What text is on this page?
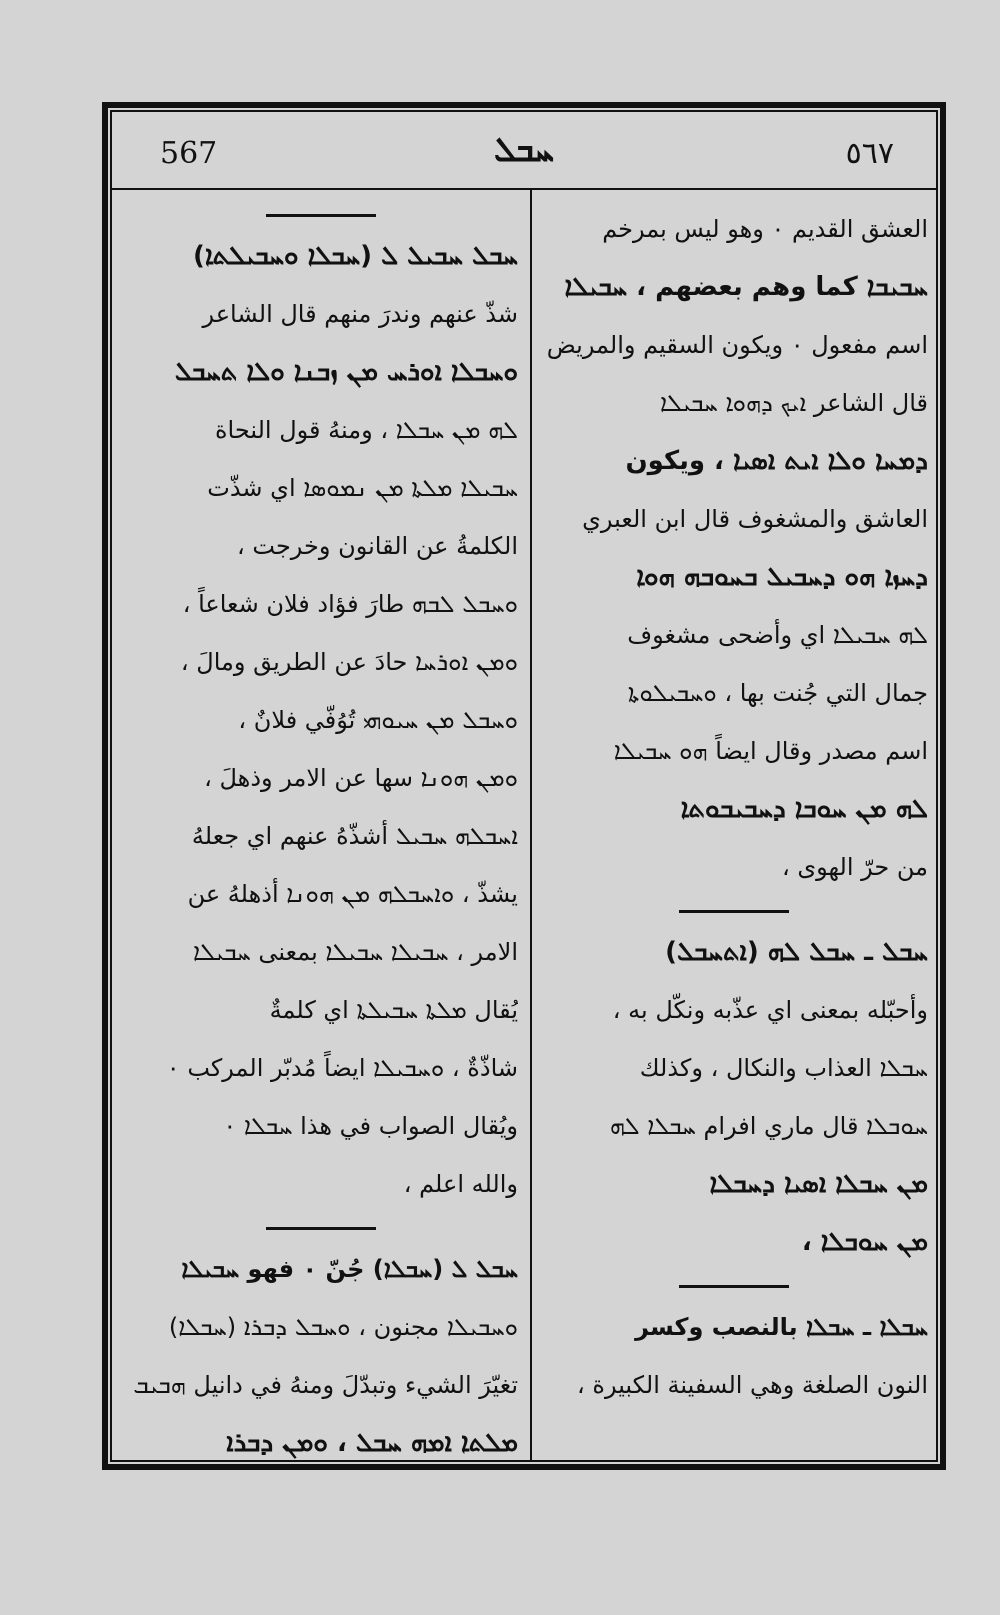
567	ܚܒܠ	٥٦٧
العشق القديم ٠ وهو ليس بمرخم
ܚܒܝܒܐ كما وهم بعضهم ، ܚܒܝܠܐ
اسم مفعول ٠ ويكون السقيم والمريض
قال الشاعر ܐܝܟ ܕܗܘܐ ܚܒܝܠܐ
ܕܡܚܐ ܘܠܐ ܐܝܬ ܐܣܝܐ ، ويكون
العاشق والمشغوف قال ابن العبري
ܕܚܙܐ ܗܘ ܕܚܒܝܠ ܒܚܘܒܗ ܗܘܐ
ܠܗ ܚܒܝܠܐ اي وأضحى مشغوف
جمال التي جُنت بها ، ܘܚܒܝܠܘܬܐ
اسم مصدر وقال ايضاً ܗܘ ܚܒܝܠܐ
ܠܗ ܡܢ ܚܘܒܐ ܕܚܒܝܒܘܬܐ
من حرّ الهوى ،
ܚܒܠ ـ ܚܒܠ ܠܗ (ܐܬܚܒܠ)
وأحبّله بمعنى اي عذّبه ونكّل به ،
ܚܒܠܐ العذاب والنكال ، وكذلك
ܚܘܒܠܐ قال ماري افرام ܚܒܠܐ ܠܗ
ܡܢ ܚܒܠܐ ܐܣܝܐ ܕܚܒܠܐ
ܡܢ ܚܘܒܠܐ ،
ܚܒܠܐ ـ ܚܒܠܐ بالنصب وكسر
النون الصلغة وهي السفينة الكبيرة ،
ܚܒܠ ܚܒܝܠ ܠ (ܚܒܠܐ ܘܚܒܝܠܬܐ)
شذّ عنهم وندرَ منهم قال الشاعر
ܘܚܒܠܐ ܐܘܪܚ ܡܢ ܙܒܢܐ ܘܠܐ ܬܚܒܠ
ܠܗ ܡܢ ܚܒܠܐ ، ومنهُ قول النحاة
ܚܒܝܠܐ ܡܠܬܐ ܡܢ ܢܡܘܣܐ اي شذّت
الكلمةُ عن القانون وخرجت ،
ܘܚܒܠ ܠܒܗ طارَ فؤاد فلان شعاعاً ،
ܘܡܢ ܐܘܪܚܐ حادَ عن الطريق ومالَ ،
ܘܚܒܠ ܡܢ ܚܝܘܗܝ تُوُفّي فلانٌ ،
ܘܡܢ ܗܘܢܐ سها عن الامر وذهلَ ،
ܐܚܒܠܗ ܚܒܝܠ أشذّهُ عنهم اي جعلهُ
يشذّ ، ܘܐܚܒܠܗ ܡܢ ܗܘܢܐ أذهلهُ عن
الامر ، ܚܒܝܠܐ ܚܒܝܠܐ بمعنى ܚܒܝܠܐ
يُقال ܡܠܬܐ ܚܒܝܠܬܐ اي كلمةٌ
شاذّةٌ ، ܘܚܒܝܠܐ ايضاً مُدبّر المركب ٠
ويُقال الصواب في هذا ܚܒܠܐ ٠
والله اعلم ،
ܚܒܠ ܠ (ܚܒܠܐ) جُنّ ٠ فهو ܚܒܝܠܐ
ܘܚܒܝܠܐ مجنون ، ܘܚܒܠ ܕܒܪܐ (ܚܒܠܐ)
تغيّرَ الشيء وتبدّلَ ومنهُ في دانيل ܗܒܝܒ
ܡܠܬܐ ܐܡܗ ܚܒܠ ، ܘܡܢ ܕܒܪܐ
